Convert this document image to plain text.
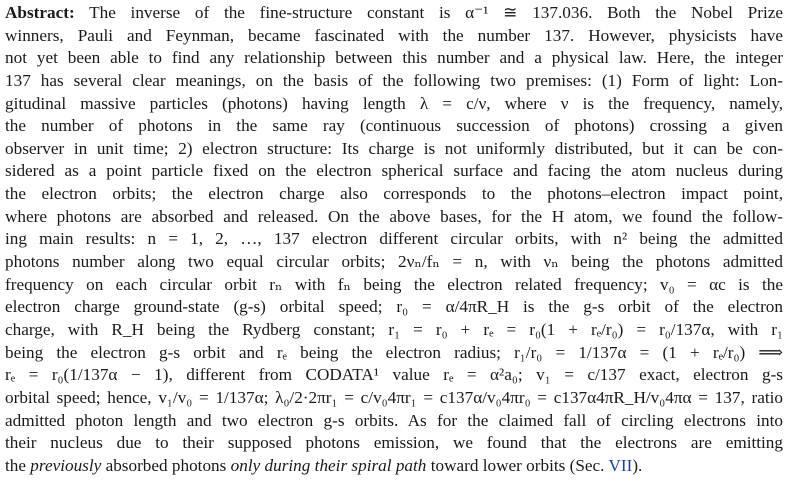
Abstract: The inverse of the fine-structure constant is α⁻¹ ≅ 137.036. Both the Nobel Prize
winners, Pauli and Feynman, became fascinated with the number 137. However, physicists have
not yet been able to find any relationship between this number and a physical law. Here, the integer
137 has several clear meanings, on the basis of the following two premises: (1) Form of light: Lon-
gitudinal massive particles (photons) having length λ = c/ν, where ν is the frequency, namely,
the number of photons in the same ray (continuous succession of photons) crossing a given
observer in unit time; 2) electron structure: Its charge is not uniformly distributed, but it can be con-
sidered as a point particle fixed on the electron spherical surface and facing the atom nucleus during
the electron orbits; the electron charge also corresponds to the photons–electron impact point,
where photons are absorbed and released. On the above bases, for the H atom, we found the follow-
ing main results: n = 1, 2, …, 137 electron different circular orbits, with n² being the admitted
photons number along two equal circular orbits; 2νₙ/fₙ = n, with νₙ being the photons admitted
frequency on each circular orbit rₙ with fₙ being the electron related frequency; v₀ = αc is the
electron charge ground-state (g-s) orbital speed; r₀ = α/4πR_H is the g-s orbit of the electron
charge, with R_H being the Rydberg constant; r₁ = r₀ + rₑ = r₀(1 + rₑ/r₀) = r₀/137α, with r₁
being the electron g-s orbit and rₑ being the electron radius; r₁/r₀ = 1/137α = (1 + rₑ/r₀) ⟹
rₑ = r₀(1/137α − 1), different from CODATA¹ value rₑ = α²a₀; v₁ = c/137 exact, electron g-s
orbital speed; hence, v₁/v₀ = 1/137α; λ₀/2·2πr₁ = c/v₀4πr₁ = c137α/v₀4πr₀ = c137α4πR_H/v₀4πα = 137, ratio
admitted photon length and two electron g-s orbits. As for the claimed fall of circling electrons into
their nucleus due to their supposed photons emission, we found that the electrons are emitting
the previously absorbed photons only during their spiral path toward lower orbits (Sec. VII).
